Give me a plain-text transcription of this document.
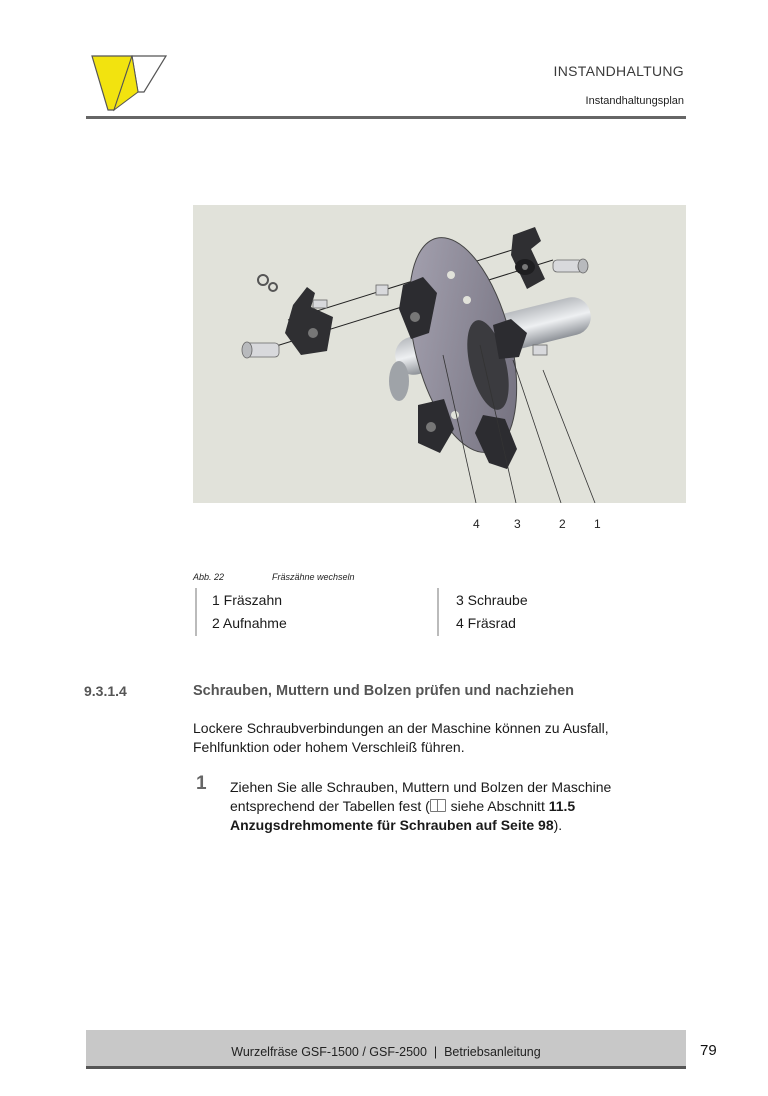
INSTANDHALTUNG
Instandhaltungsplan
4	3	2 1
Abb. 22	Fräszähne wechseln
1 Fräszahn
2 Aufnahme
3 Schraube
4 Fräsrad
9.3.1.4	Schrauben, Muttern und Bolzen prüfen und nachziehen
Lockere Schraubverbindungen an der Maschine können zu Ausfall, Fehlfunktion oder hohem Verschleiß führen.
1 Ziehen Sie alle Schrauben, Muttern und Bolzen der Maschine entsprechend der Tabellen fest ( siehe Abschnitt 11.5 Anzugsdrehmomente für Schrauben auf Seite 98).
Wurzelfräse GSF-1500 / GSF-2500  |  Betriebsanleitung	79
